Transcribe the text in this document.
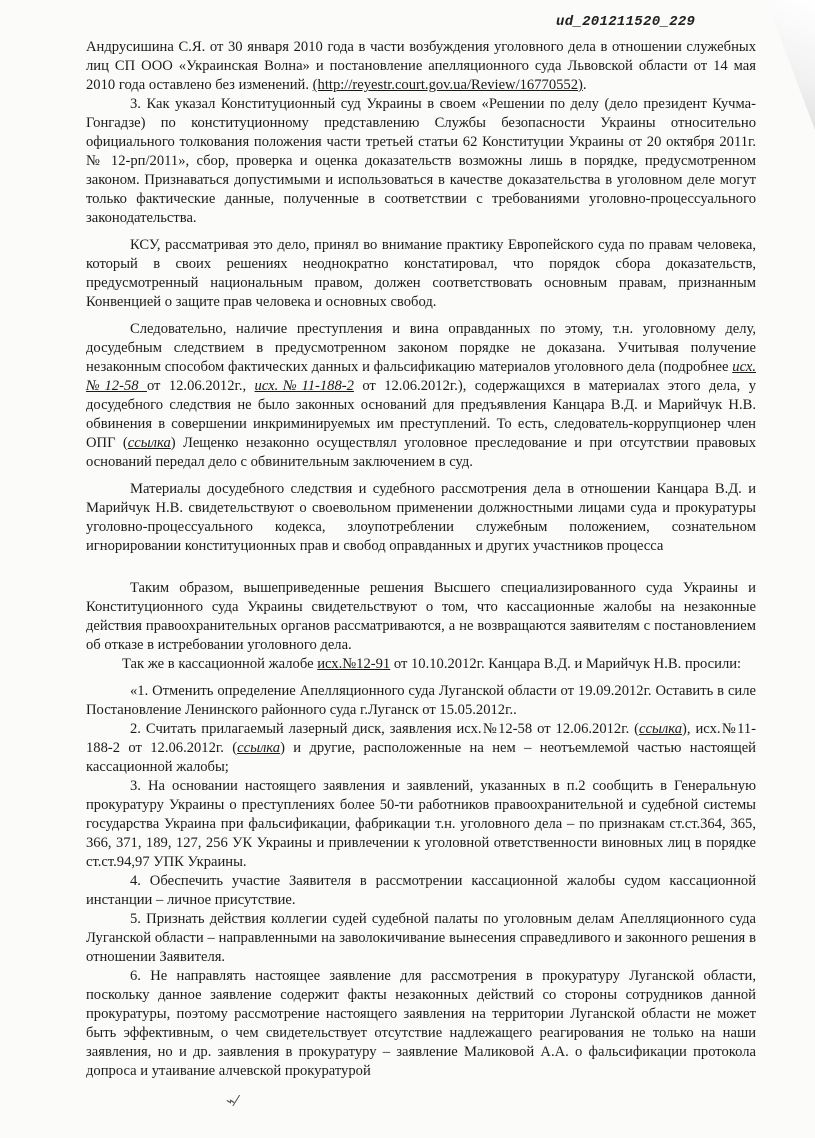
ud_201211520_229

Андрусишина С.Я. от 30 января 2010 года в части возбуждения уголовного дела в отношении служебных лиц СП ООО «Украинская Волна» и постановление апелляционного суда Львовской области от 14 мая 2010 года оставлено без изменений. (http://reyestr.court.gov.ua/Review/16770552).

3. Как указал Конституционный суд Украины в своем «Решении по делу (дело президент Кучма-Гонгадзе) по конституционному представлению Службы безопасности Украины относительно официального толкования положения части третьей статьи 62 Конституции Украины от 20 октября 2011г. № 12-рп/2011», сбор, проверка и оценка доказательств возможны лишь в порядке, предусмотренном законом. Признаваться допустимыми и использоваться в качестве доказательства в уголовном деле могут только фактические данные, полученные в соответствии с требованиями уголовно-процессуального законодательства.

КСУ, рассматривая это дело, принял во внимание практику Европейского суда по правам человека, который в своих решениях неоднократно констатировал, что порядок сбора доказательств, предусмотренный национальным правом, должен соответствовать основным правам, признанным Конвенцией о защите прав человека и основных свобод.

Следовательно, наличие преступления и вина оправданных по этому, т.н. уголовному делу, досудебным следствием в предусмотренном законом порядке не доказана. Учитывая получение незаконным способом фактических данных и фальсификацию материалов уголовного дела (подробнее исх.№12-58 от 12.06.2012г., исх.№11-188-2 от 12.06.2012г.), содержащихся в материалах этого дела, у досудебного следствия не было законных оснований для предъявления Канцара В.Д. и Марийчук Н.В. обвинения в совершении инкриминируемых им преступлений. То есть, следователь-коррупционер член ОПГ (ссылка) Лещенко незаконно осуществлял уголовное преследование и при отсутствии правовых оснований передал дело с обвинительным заключением в суд.

Материалы досудебного следствия и судебного рассмотрения дела в отношении Канцара В.Д. и Марийчук Н.В. свидетельствуют о своевольном применении должностными лицами суда и прокуратуры уголовно-процессуального кодекса, злоупотреблении служебным положением, сознательном игнорировании конституционных прав и свобод оправданных и других участников процесса

Таким образом, вышеприведенные решения Высшего специализированного суда Украины и Конституционного суда Украины свидетельствуют о том, что кассационные жалобы на незаконные действия правоохранительных органов рассматриваются, а не возвращаются заявителям с постановлением об отказе в истребовании уголовного дела.

Так же в кассационной жалобе исх.№12-91 от 10.10.2012г. Канцара В.Д. и Марийчук Н.В. просили:

«1. Отменить определение Апелляционного суда Луганской области от 19.09.2012г. Оставить в силе Постановление Ленинского районного суда г.Луганск от 15.05.2012г..

2. Считать прилагаемый лазерный диск, заявления исх.№12-58 от 12.06.2012г. (ссылка), исх.№11-188-2 от 12.06.2012г. (ссылка) и другие, расположенные на нем – неотъемлемой частью настоящей кассационной жалобы;

3. На основании настоящего заявления и заявлений, указанных в п.2 сообщить в Генеральную прокуратуру Украины о преступлениях более 50-ти работников правоохранительной и судебной системы государства Украина при фальсификации, фабрикации т.н. уголовного дела – по признакам ст.ст.364, 365, 366, 371, 189, 127, 256 УК Украины и привлечении к уголовной ответственности виновных лиц в порядке ст.ст.94,97 УПК Украины.

4. Обеспечить участие Заявителя в рассмотрении кассационной жалобы судом кассационной инстанции – личное присутствие.

5. Признать действия коллегии судей судебной палаты по уголовным делам Апелляционного суда Луганской области – направленными на заволокичивание вынесения справедливого и законного решения в отношении Заявителя.

6. Не направлять настоящее заявление для рассмотрения в прокуратуру Луганской области, поскольку данное заявление содержит факты незаконных действий со стороны сотрудников данной прокуратуры, поэтому рассмотрение настоящего заявления на территории Луганской области не может быть эффективным, о чем свидетельствует отсутствие надлежащего реагирования не только на наши заявления, но и др. заявления в прокуратуру – заявление Маликовой А.А. о фальсификации протокола допроса и утаивание алчевской прокуратурой

⌁⁄
